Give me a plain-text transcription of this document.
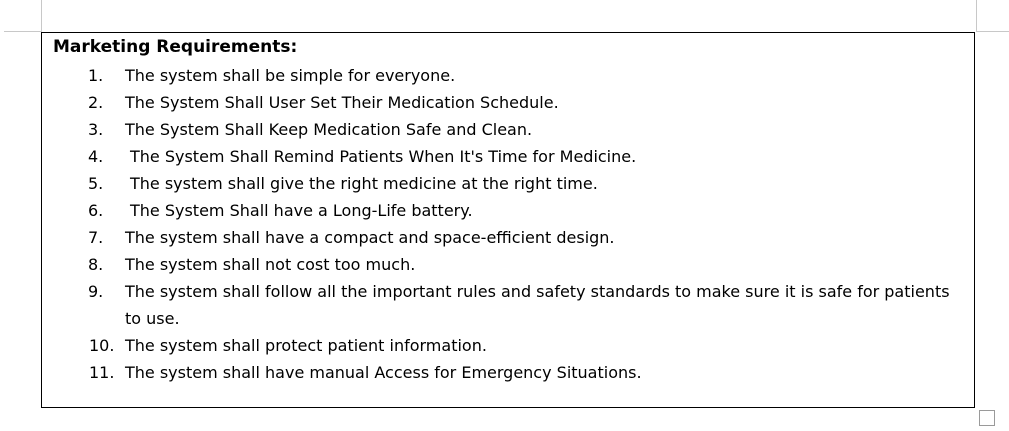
Marketing Requirements:
1. The system shall be simple for everyone.
2. The System Shall User Set Their Medication Schedule.
3. The System Shall Keep Medication Safe and Clean.
4. The System Shall Remind Patients When It's Time for Medicine.
5. The system shall give the right medicine at the right time.
6. The System Shall have a Long-Life battery.
7. The system shall have a compact and space-efficient design.
8. The system shall not cost too much.
9. The system shall follow all the important rules and safety standards to make sure it is safe for patients to use.
10. The system shall protect patient information.
11. The system shall have manual Access for Emergency Situations.
